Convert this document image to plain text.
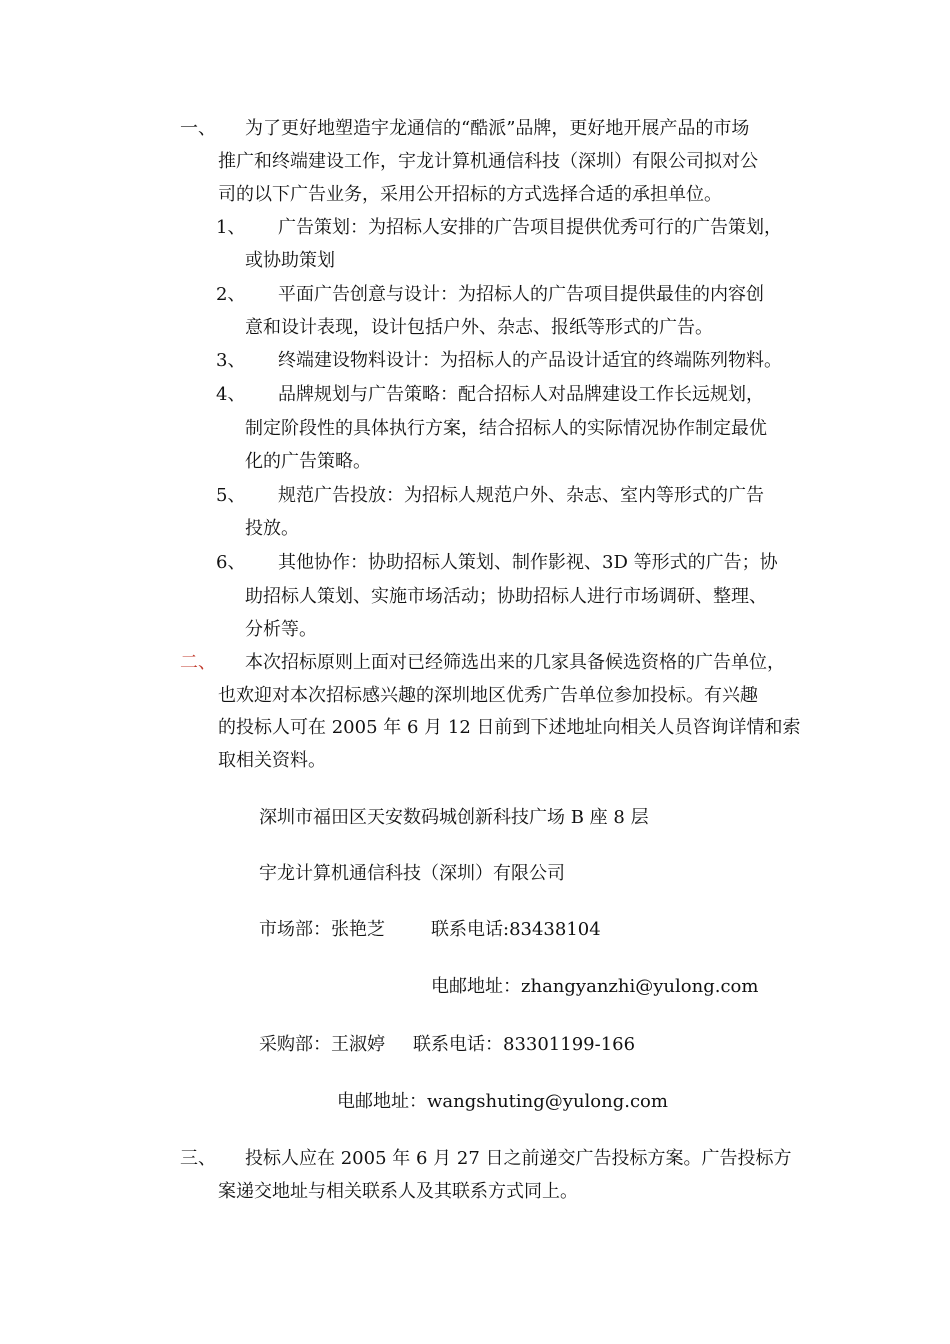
一、 为了更好地塑造宇龙通信的“酷派”品牌，更好地开展产品的市场
推广和终端建设工作，宇龙计算机通信科技（深圳）有限公司拟对公
司的以下广告业务，采用公开招标的方式选择合适的承担单位。
1、 广告策划：为招标人安排的广告项目提供优秀可行的广告策划，
或协助策划
2、 平面广告创意与设计：为招标人的广告项目提供最佳的内容创
意和设计表现，设计包括户外、杂志、报纸等形式的广告。
3、 终端建设物料设计：为招标人的产品设计适宜的终端陈列物料。
4、 品牌规划与广告策略：配合招标人对品牌建设工作长远规划，
制定阶段性的具体执行方案，结合招标人的实际情况协作制定最优
化的广告策略。
5、 规范广告投放：为招标人规范户外、杂志、室内等形式的广告
投放。
6、 其他协作：协助招标人策划、制作影视、3D 等形式的广告；协
助招标人策划、实施市场活动；协助招标人进行市场调研、整理、
分析等。
二、 本次招标原则上面对已经筛选出来的几家具备候选资格的广告单位，
也欢迎对本次招标感兴趣的深圳地区优秀广告单位参加投标。有兴趣
的投标人可在 2005 年 6 月 12 日前到下述地址向相关人员咨询详情和索
取相关资料。
深圳市福田区天安数码城创新科技广场 B 座 8 层
宇龙计算机通信科技（深圳）有限公司
市场部：张艳芝	联系电话:83438104
电邮地址：zhangyanzhi@yulong.com
采购部：王淑婷 联系电话：83301199-166
电邮地址：wangshuting@yulong.com
三、 投标人应在 2005 年 6 月 27 日之前递交广告投标方案。广告投标方
案递交地址与相关联系人及其联系方式同上。
